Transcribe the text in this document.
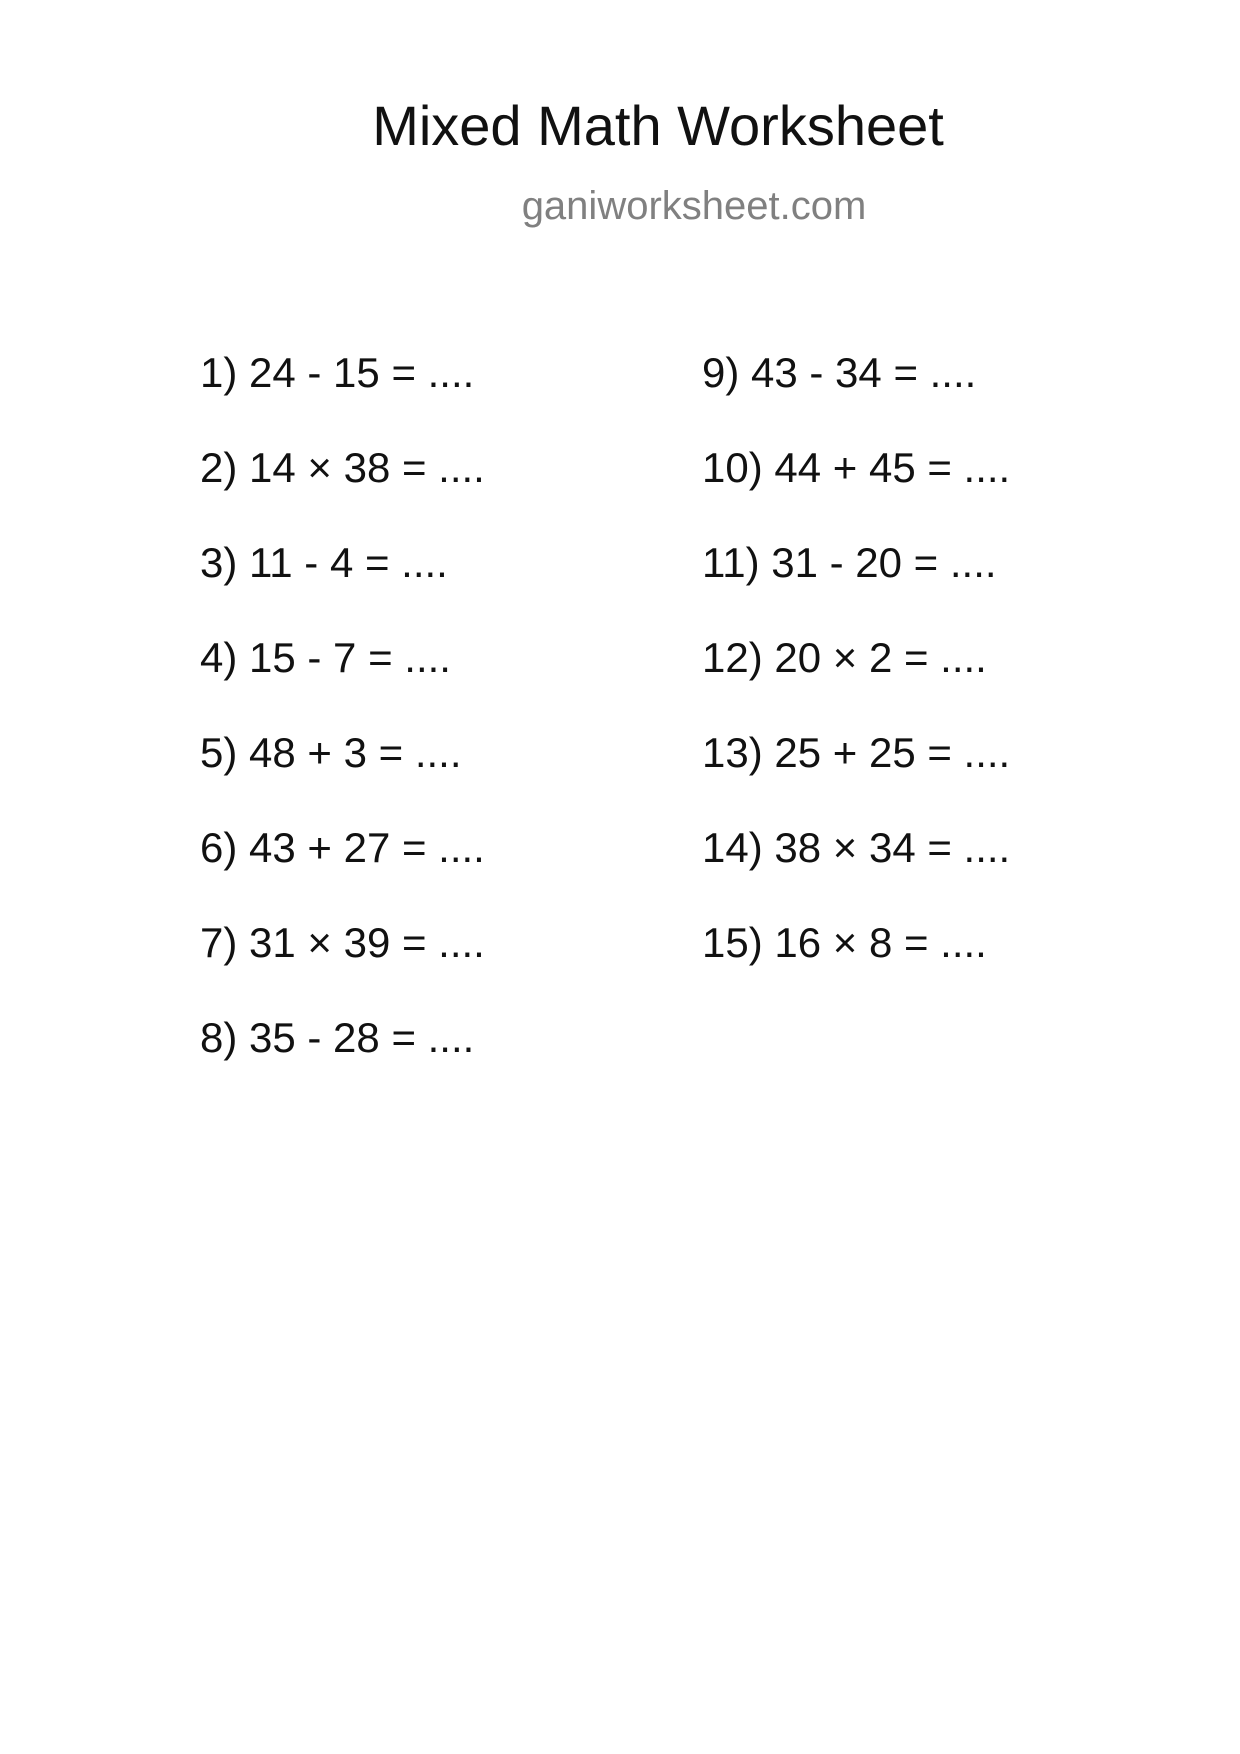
Mixed Math Worksheet
ganiworksheet.com
1) 24 - 15 = ....
2) 14 × 38 = ....
3) 11 - 4 = ....
4) 15 - 7 = ....
5) 48 + 3 = ....
6) 43 + 27 = ....
7) 31 × 39 = ....
8) 35 - 28 = ....
9) 43 - 34 = ....
10) 44 + 45 = ....
11) 31 - 20 = ....
12) 20 × 2 = ....
13) 25 + 25 = ....
14) 38 × 34 = ....
15) 16 × 8 = ....
